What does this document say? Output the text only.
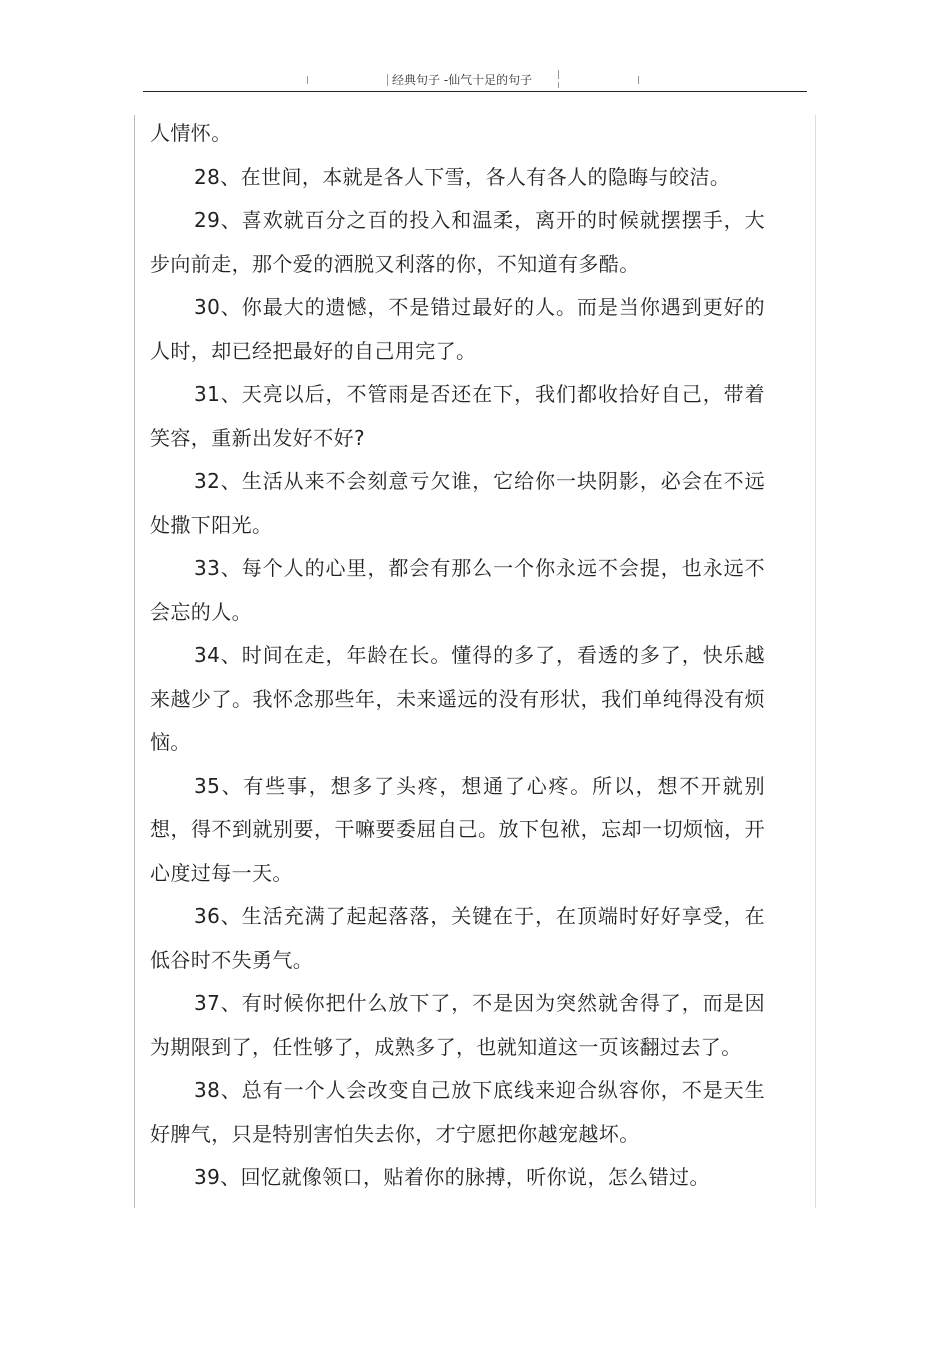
经典句子 -仙气十足的句子

人情怀。

28、在世间，本就是各人下雪，各人有各人的隐晦与皎洁。

29、喜欢就百分之百的投入和温柔，离开的时候就摆摆手，大步向前走，那个爱的洒脱又利落的你，不知道有多酷。

30、你最大的遗憾，不是错过最好的人。而是当你遇到更好的人时，却已经把最好的自己用完了。

31、天亮以后，不管雨是否还在下，我们都收拾好自己，带着笑容，重新出发好不好?

32、生活从来不会刻意亏欠谁，它给你一块阴影，必会在不远处撒下阳光。

33、每个人的心里，都会有那么一个你永远不会提，也永远不会忘的人。

34、时间在走，年龄在长。懂得的多了，看透的多了，快乐越来越少了。我怀念那些年，未来遥远的没有形状，我们单纯得没有烦恼。

35、有些事，想多了头疼，想通了心疼。所以，想不开就别想，得不到就别要，干嘛要委屈自己。放下包袱，忘却一切烦恼，开心度过每一天。

36、生活充满了起起落落，关键在于，在顶端时好好享受，在低谷时不失勇气。

37、有时候你把什么放下了，不是因为突然就舍得了，而是因为期限到了，任性够了，成熟多了，也就知道这一页该翻过去了。

38、总有一个人会改变自己放下底线来迎合纵容你，不是天生好脾气，只是特别害怕失去你，才宁愿把你越宠越坏。

39、回忆就像领口，贴着你的脉搏，听你说，怎么错过。
